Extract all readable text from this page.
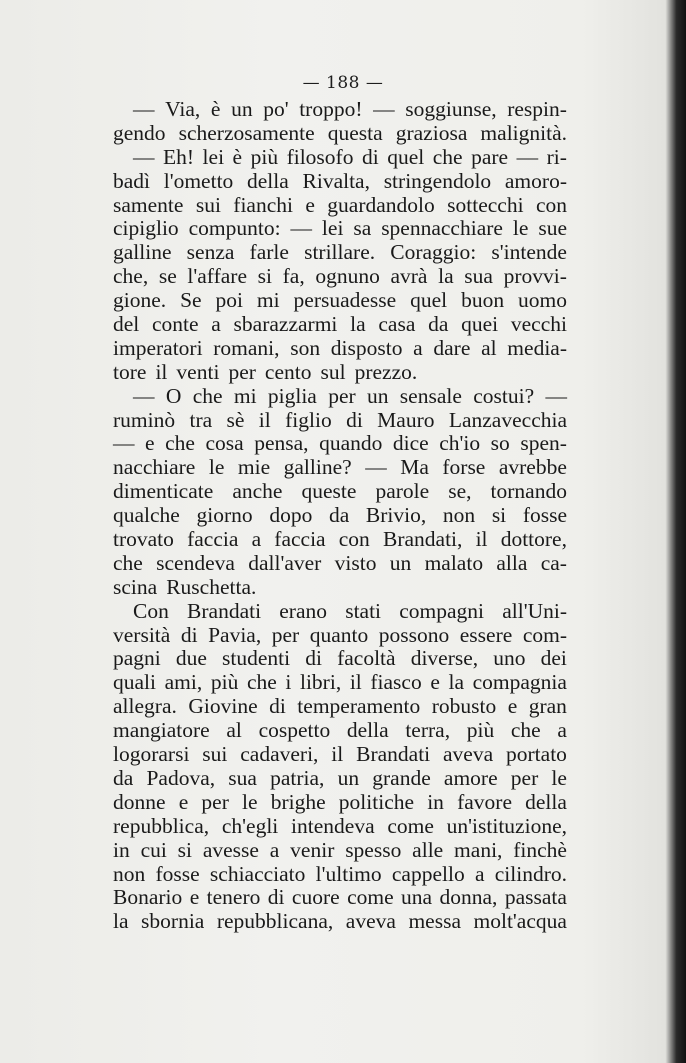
— 188 —
— Via, è un po' troppo! — soggiunse, respin-
gendo scherzosamente questa graziosa malignità.
— Eh! lei è più filosofo di quel che pare — ri-
badì l'ometto della Rivalta, stringendolo amoro-
samente sui fianchi e guardandolo sottecchi con
cipiglio compunto: — lei sa spennacchiare le sue
galline senza farle strillare. Coraggio: s'intende
che, se l'affare si fa, ognuno avrà la sua provvi-
gione. Se poi mi persuadesse quel buon uomo
del conte a sbarazzarmi la casa da quei vecchi
imperatori romani, son disposto a dare al media-
tore il venti per cento sul prezzo.
— O che mi piglia per un sensale costui? —
ruminò tra sè il figlio di Mauro Lanzavecchia
— e che cosa pensa, quando dice ch'io so spen-
nacchiare le mie galline? — Ma forse avrebbe
dimenticate anche queste parole se, tornando
qualche giorno dopo da Brivio, non si fosse
trovato faccia a faccia con Brandati, il dottore,
che scendeva dall'aver visto un malato alla ca-
scina Ruschetta.
Con Brandati erano stati compagni all'Uni-
versità di Pavia, per quanto possono essere com-
pagni due studenti di facoltà diverse, uno dei
quali ami, più che i libri, il fiasco e la compagnia
allegra. Giovine di temperamento robusto e gran
mangiatore al cospetto della terra, più che a
logorarsi sui cadaveri, il Brandati aveva portato
da Padova, sua patria, un grande amore per le
donne e per le brighe politiche in favore della
repubblica, ch'egli intendeva come un'istituzione,
in cui si avesse a venir spesso alle mani, finchè
non fosse schiacciato l'ultimo cappello a cilindro.
Bonario e tenero di cuore come una donna, passata
la sbornia repubblicana, aveva messa molt'acqua
